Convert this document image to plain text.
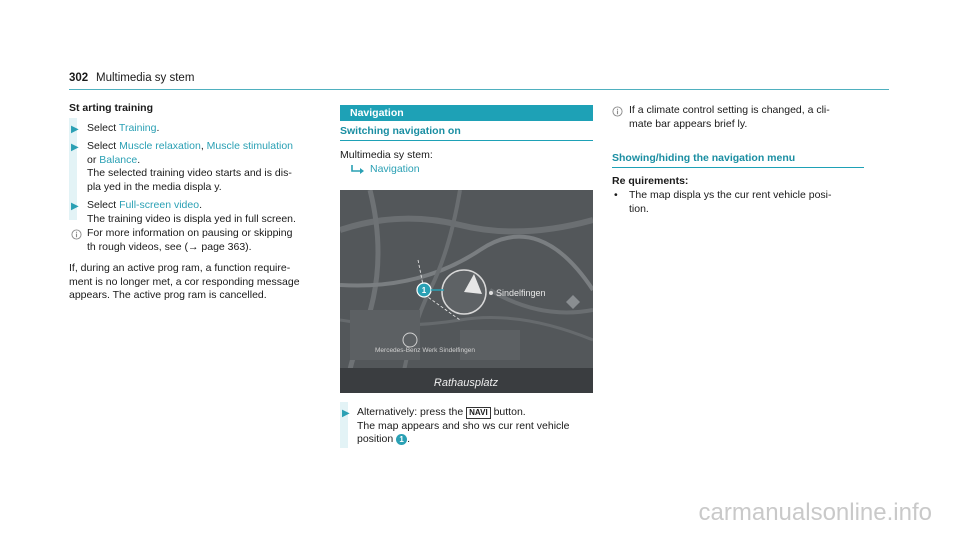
302 Multimedia sy stem
St arting training
▶ Select Training.
▶ Select Muscle relaxation, Muscle stimulation
or Balance.
The selected training video starts and is dis-
pla yed in the media displa y.
▶ Select Full-screen video.
The training video is displa yed in full screen.
For more information on pausing or skipping
th rough videos, see (→ page 363).
If, during an active prog ram, a function require-
ment is no longer met, a cor responding message
appears. The active prog ram is cancelled.
Navigation
Switching navigation on
Multimedia sy stem:
Navigation
1	Sindelfingen
Mercedes-Benz Werk Sindelfingen
Rathausplatz
▶ Alternatively: press the NAVI button.
The map appears and sho ws cur rent vehicle
position 1 .
If a climate control setting is changed, a cli-
mate bar appears brief ly.
Showing/hiding the navigation menu
Re quirements:
• The map displa ys the cur rent vehicle posi-
tion.
carmanualsonline.info
